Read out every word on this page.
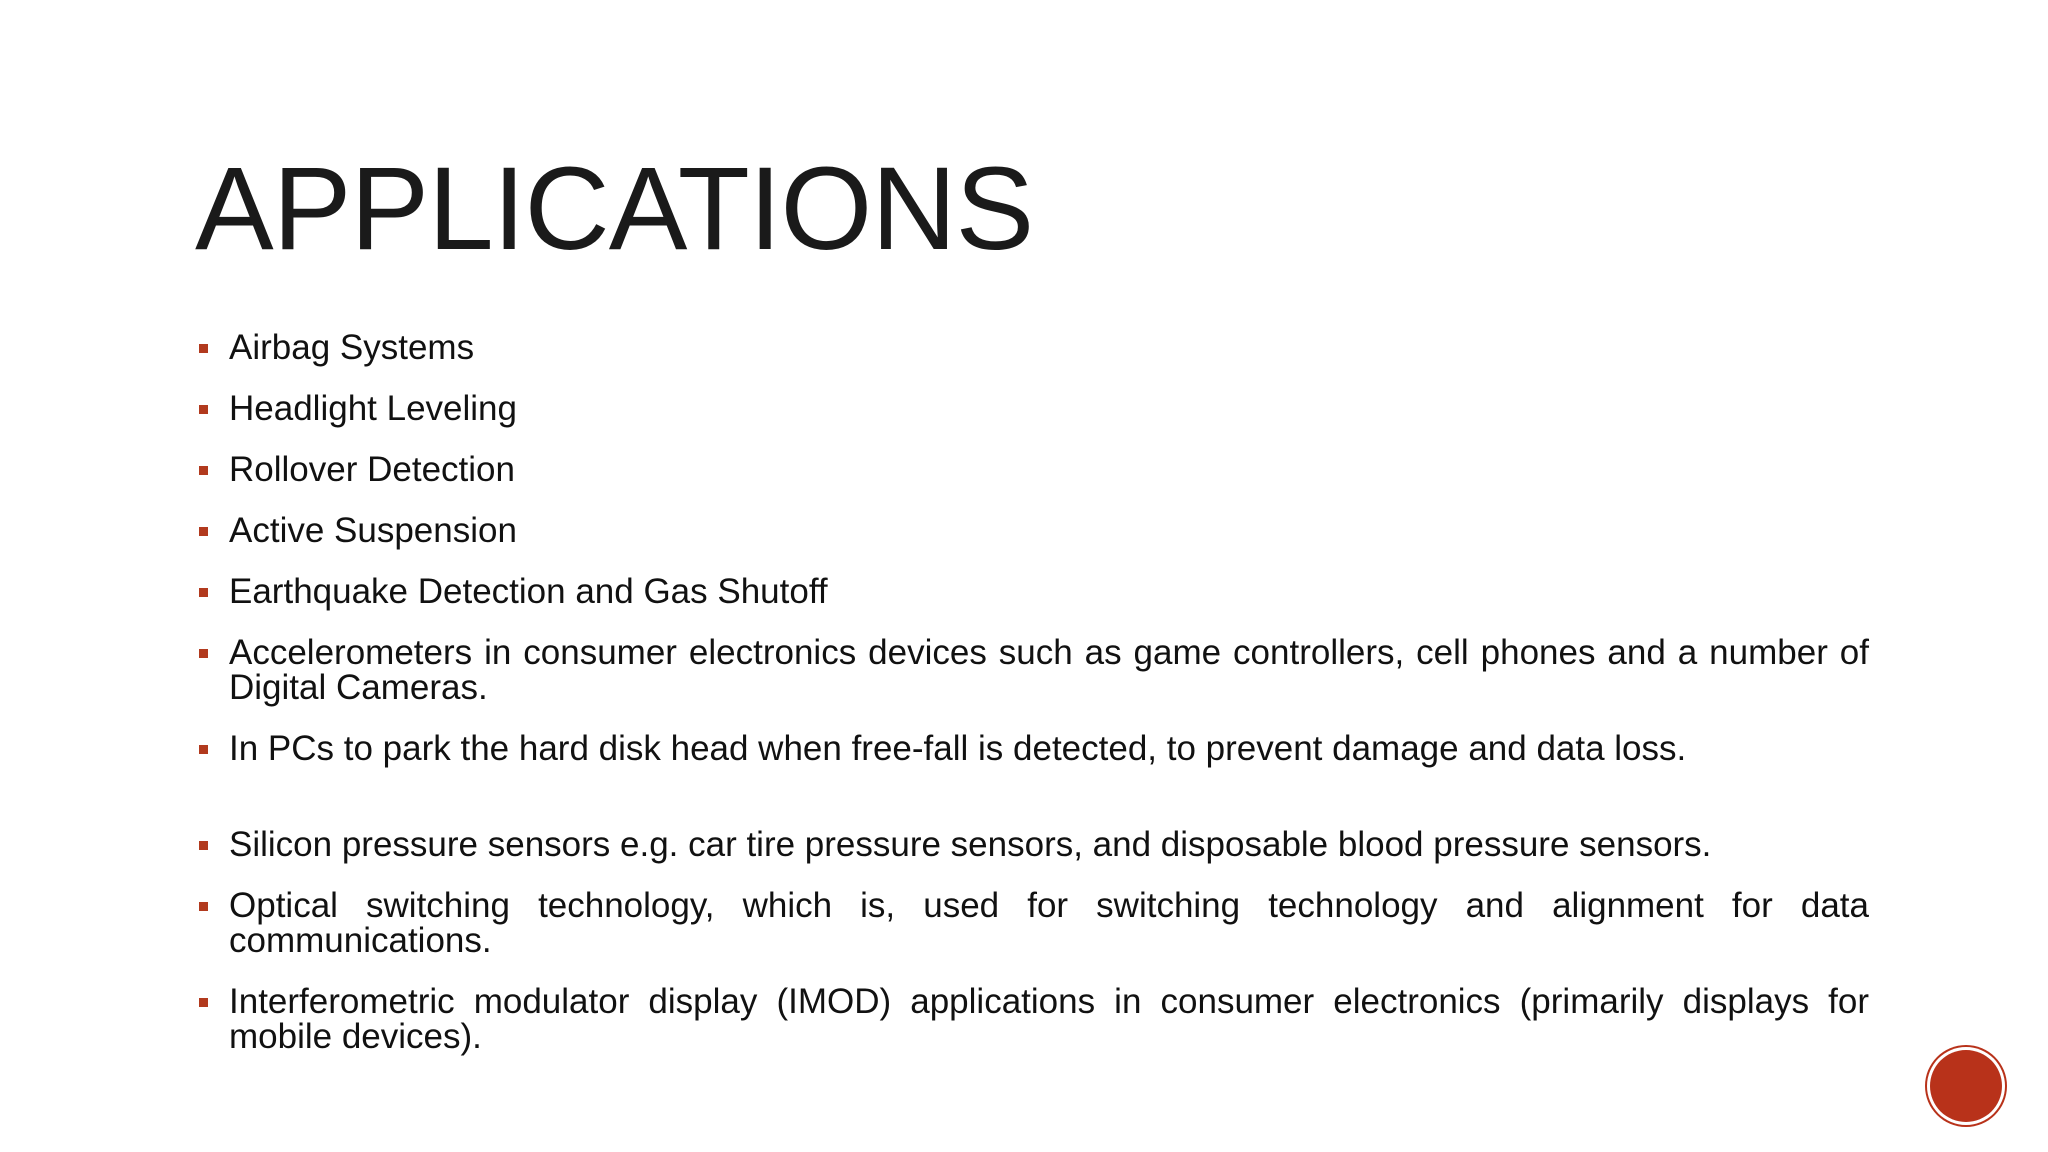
APPLICATIONS
Airbag Systems
Headlight Leveling
Rollover Detection
Active Suspension
Earthquake Detection and Gas Shutoff
Accelerometers in consumer electronics devices such as game controllers, cell phones and a number of Digital Cameras.
In PCs to park the hard disk head when free-fall is detected, to prevent damage and data loss.
Silicon pressure sensors e.g. car tire pressure sensors, and disposable blood pressure sensors.
Optical switching technology, which is, used for switching technology and alignment for data communications.
Interferometric modulator display (IMOD) applications in consumer electronics (primarily displays for     mobile devices).
